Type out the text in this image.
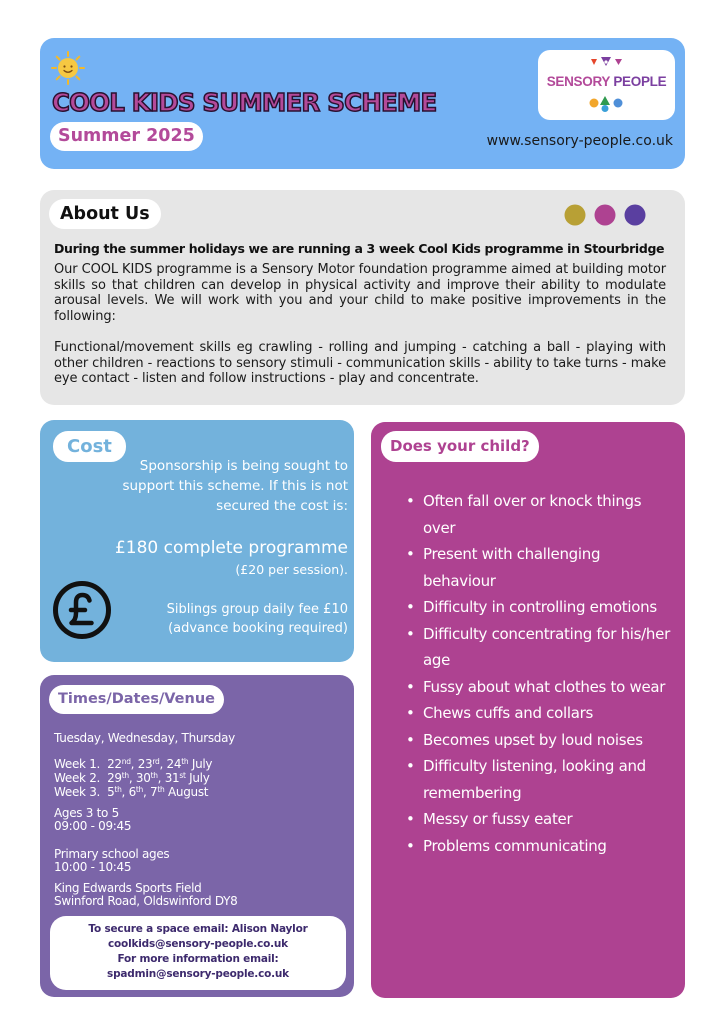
COOL KIDS SUMMER SCHEME
Summer 2025
SENSORY PEOPLE
www.sensory-people.co.uk
About Us
During the summer holidays we are running a 3 week Cool Kids programme in Stourbridge

Our COOL KIDS programme is a Sensory Motor foundation programme aimed at building motor skills so that children can develop in physical activity and improve their ability to modulate arousal levels. We will work with you and your child to make positive improvements in the following:

Functional/movement skills eg crawling - rolling and jumping - catching a ball - playing with other children - reactions to sensory stimuli - communication skills - ability to take turns - make eye contact - listen and follow instructions - play and concentrate.

Cost
Sponsorship is being sought to
support this scheme. If this is not
secured the cost is:
£180 complete programme
(£20 per session).
Siblings group daily fee £10
(advance booking required)
Times/Dates/Venue
Tuesday, Wednesday, Thursday
Week 1. 22nd, 23rd, 24th July
Week 2. 29th, 30th, 31st July
Week 3. 5th, 6th, 7th August
Ages 3 to 5
09:00 - 09:45
Primary school ages
10:00 - 10:45
King Edwards Sports Field
Swinford Road, Oldswinford DY8
To secure a space email: Alison Naylor
coolkids@sensory-people.co.uk
For more information email:
spadmin@sensory-people.co.uk
Does your child?
• Often fall over or knock things over
• Present with challenging behaviour
• Difficulty in controlling emotions
• Difficulty concentrating for his/her age
• Fussy about what clothes to wear
• Chews cuffs and collars
• Becomes upset by loud noises
• Difficulty listening, looking and remembering
• Messy or fussy eater
• Problems communicating
